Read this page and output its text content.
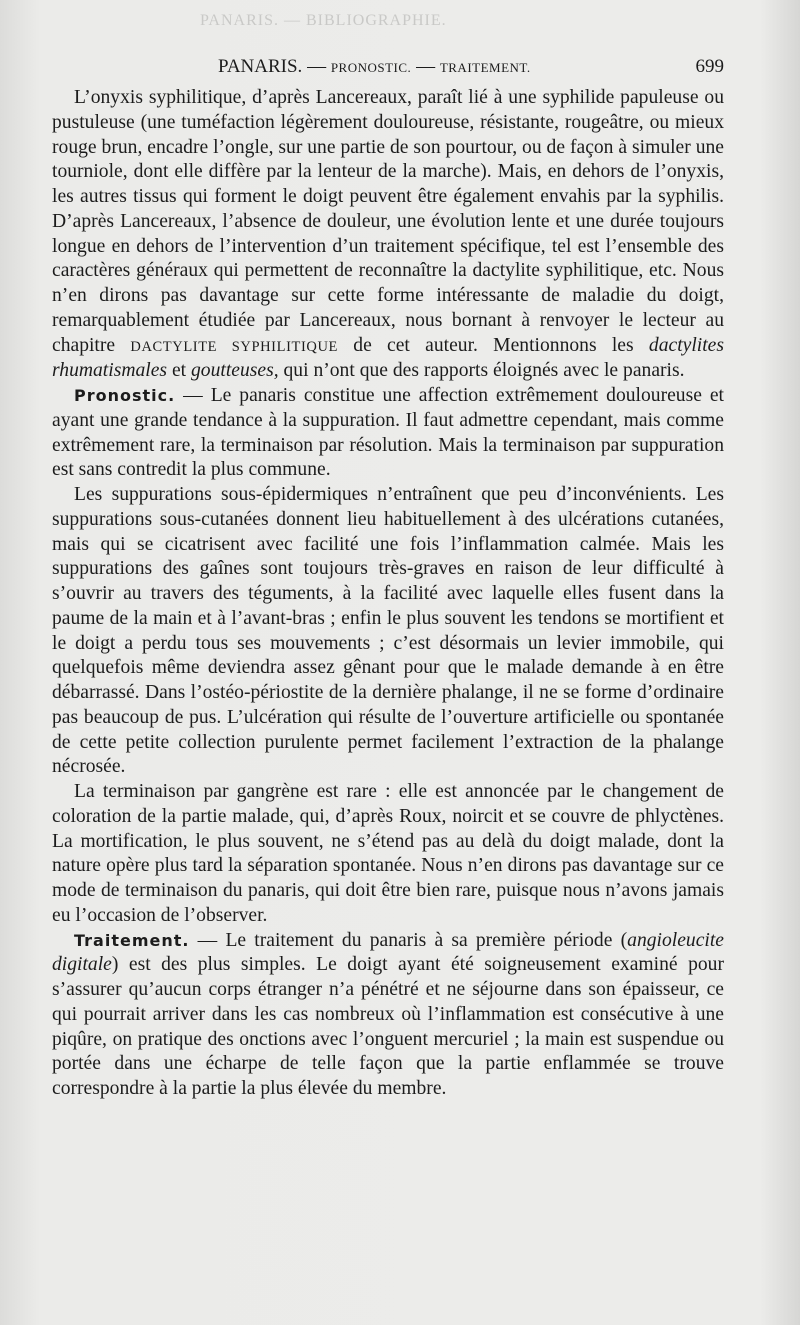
PANARIS. — BIBLIOGRAPHIE.
PANARIS. — PRONOSTIC. — TRAITEMENT.	699

L’onyxis syphilitique, d’après Lancereaux, paraît lié à une syphilide papuleuse ou pustuleuse (une tuméfaction légèrement douloureuse, résistante, rougeâtre, ou mieux rouge brun, encadre l’ongle, sur une partie de son pourtour, ou de façon à simuler une tourniole, dont elle diffère par la lenteur de la marche). Mais, en dehors de l’onyxis, les autres tissus qui forment le doigt peuvent être également envahis par la syphilis. D’après Lancereaux, l’absence de douleur, une évolution lente et une durée toujours longue en dehors de l’intervention d’un traitement spécifique, tel est l’ensemble des caractères généraux qui permettent de reconnaître la dactylite syphilitique, etc. Nous n’en dirons pas davantage sur cette forme intéressante de maladie du doigt, remarquablement étudiée par Lancereaux, nous bornant à renvoyer le lecteur au chapitre DACTYLITE SYPHILITIQUE de cet auteur. Mentionnons les dactylites rhumatismales et goutteuses, qui n’ont que des rapports éloignés avec le panaris.

Pronostic. — Le panaris constitue une affection extrêmement douloureuse et ayant une grande tendance à la suppuration. Il faut admettre cependant, mais comme extrêmement rare, la terminaison par résolution. Mais la terminaison par suppuration est sans contredit la plus commune.

Les suppurations sous-épidermiques n’entraînent que peu d’inconvénients. Les suppurations sous-cutanées donnent lieu habituellement à des ulcérations cutanées, mais qui se cicatrisent avec facilité une fois l’inflammation calmée. Mais les suppurations des gaînes sont toujours très-graves en raison de leur difficulté à s’ouvrir au travers des téguments, à la facilité avec laquelle elles fusent dans la paume de la main et à l’avant-bras ; enfin le plus souvent les tendons se mortifient et le doigt a perdu tous ses mouvements ; c’est désormais un levier immobile, qui quelquefois même deviendra assez gênant pour que le malade demande à en être débarrassé. Dans l’ostéo-périostite de la dernière phalange, il ne se forme d’ordinaire pas beaucoup de pus. L’ulcération qui résulte de l’ouverture artificielle ou spontanée de cette petite collection purulente permet facilement l’extraction de la phalange nécrosée.

La terminaison par gangrène est rare : elle est annoncée par le changement de coloration de la partie malade, qui, d’après Roux, noircit et se couvre de phlyctènes. La mortification, le plus souvent, ne s’étend pas au delà du doigt malade, dont la nature opère plus tard la séparation spontanée. Nous n’en dirons pas davantage sur ce mode de terminaison du panaris, qui doit être bien rare, puisque nous n’avons jamais eu l’occasion de l’observer.

Traitement. — Le traitement du panaris à sa première période (angioleucite digitale) est des plus simples. Le doigt ayant été soigneusement examiné pour s’assurer qu’aucun corps étranger n’a pénétré et ne séjourne dans son épaisseur, ce qui pourrait arriver dans les cas nombreux où l’inflammation est consécutive à une piqûre, on pratique des onctions avec l’onguent mercuriel ; la main est suspendue ou portée dans une écharpe de telle façon que la partie enflammée se trouve correspondre à la partie la plus élevée du membre.
